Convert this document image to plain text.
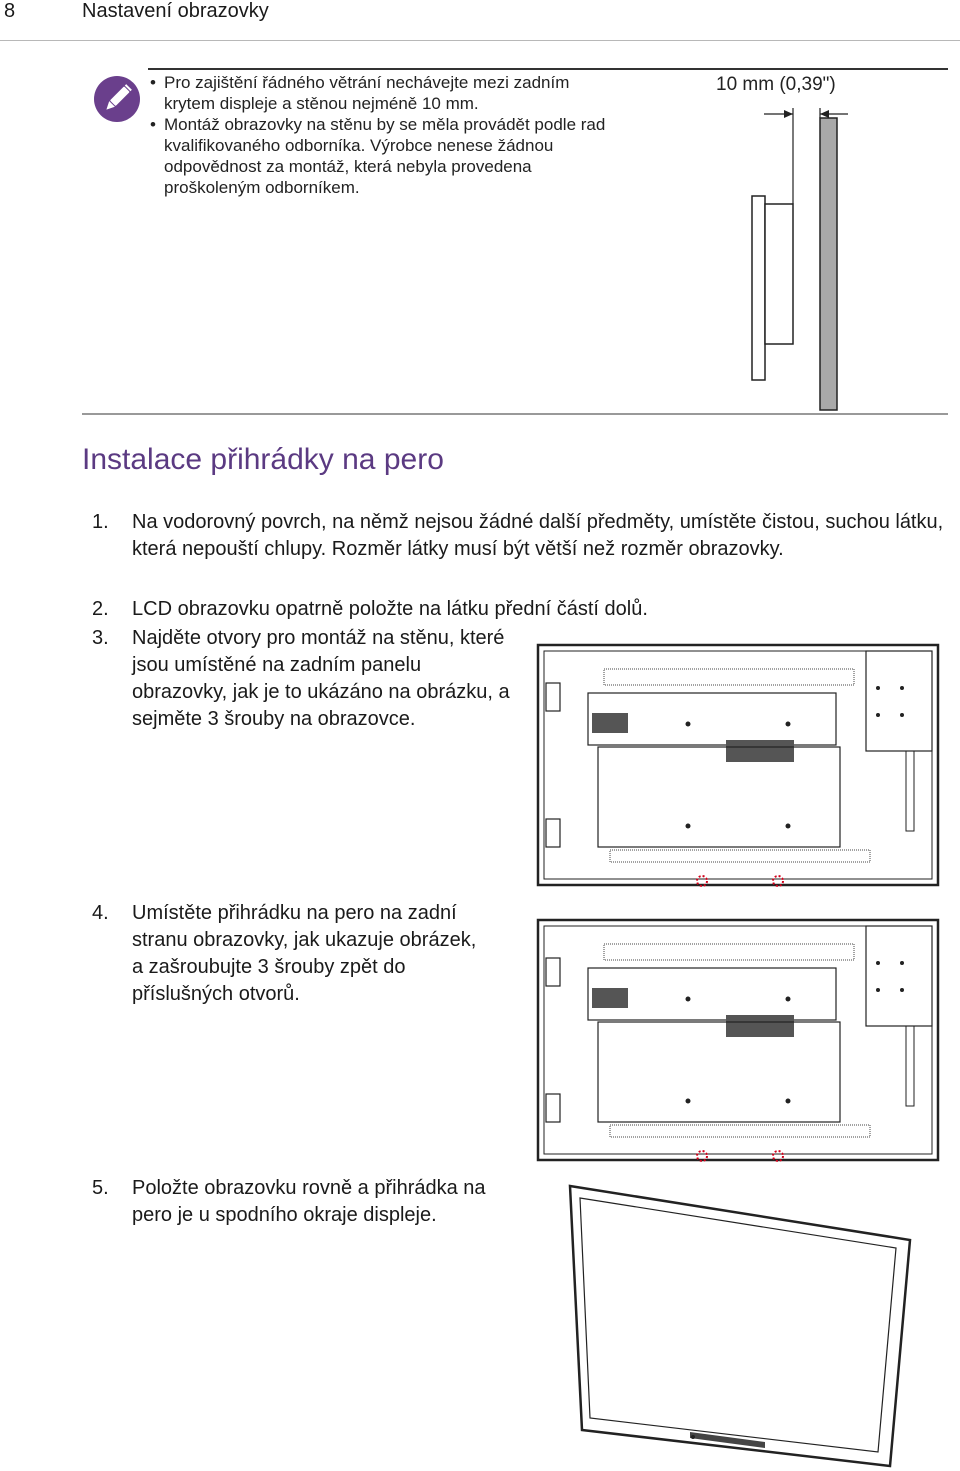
8	Nastavení obrazovky
• Pro zajištění řádného větrání nechávejte mezi zadním krytem displeje a stěnou nejméně 10 mm.
• Montáž obrazovky na stěnu by se měla provádět podle rad kvalifikovaného odborníka. Výrobce nenese žádnou odpovědnost za montáž, která nebyla provedena proškoleným odborníkem.
10 mm (0,39")
Instalace přihrádky na pero
1. Na vodorovný povrch, na němž nejsou žádné další předměty, umístěte čistou, suchou látku, která nepouští chlupy. Rozměr látky musí být větší než rozměr obrazovky.
2. LCD obrazovku opatrně položte na látku přední částí dolů.
3. Najděte otvory pro montáž na stěnu, které jsou umístěné na zadním panelu obrazovky, jak je to ukázáno na obrázku, a sejměte 3 šrouby na obrazovce.
4. Umístěte přihrádku na pero na zadní stranu obrazovky, jak ukazuje obrázek, a zašroubujte 3 šrouby zpět do příslušných otvorů.
5. Položte obrazovku rovně a přihrádka na pero je u spodního okraje displeje.
